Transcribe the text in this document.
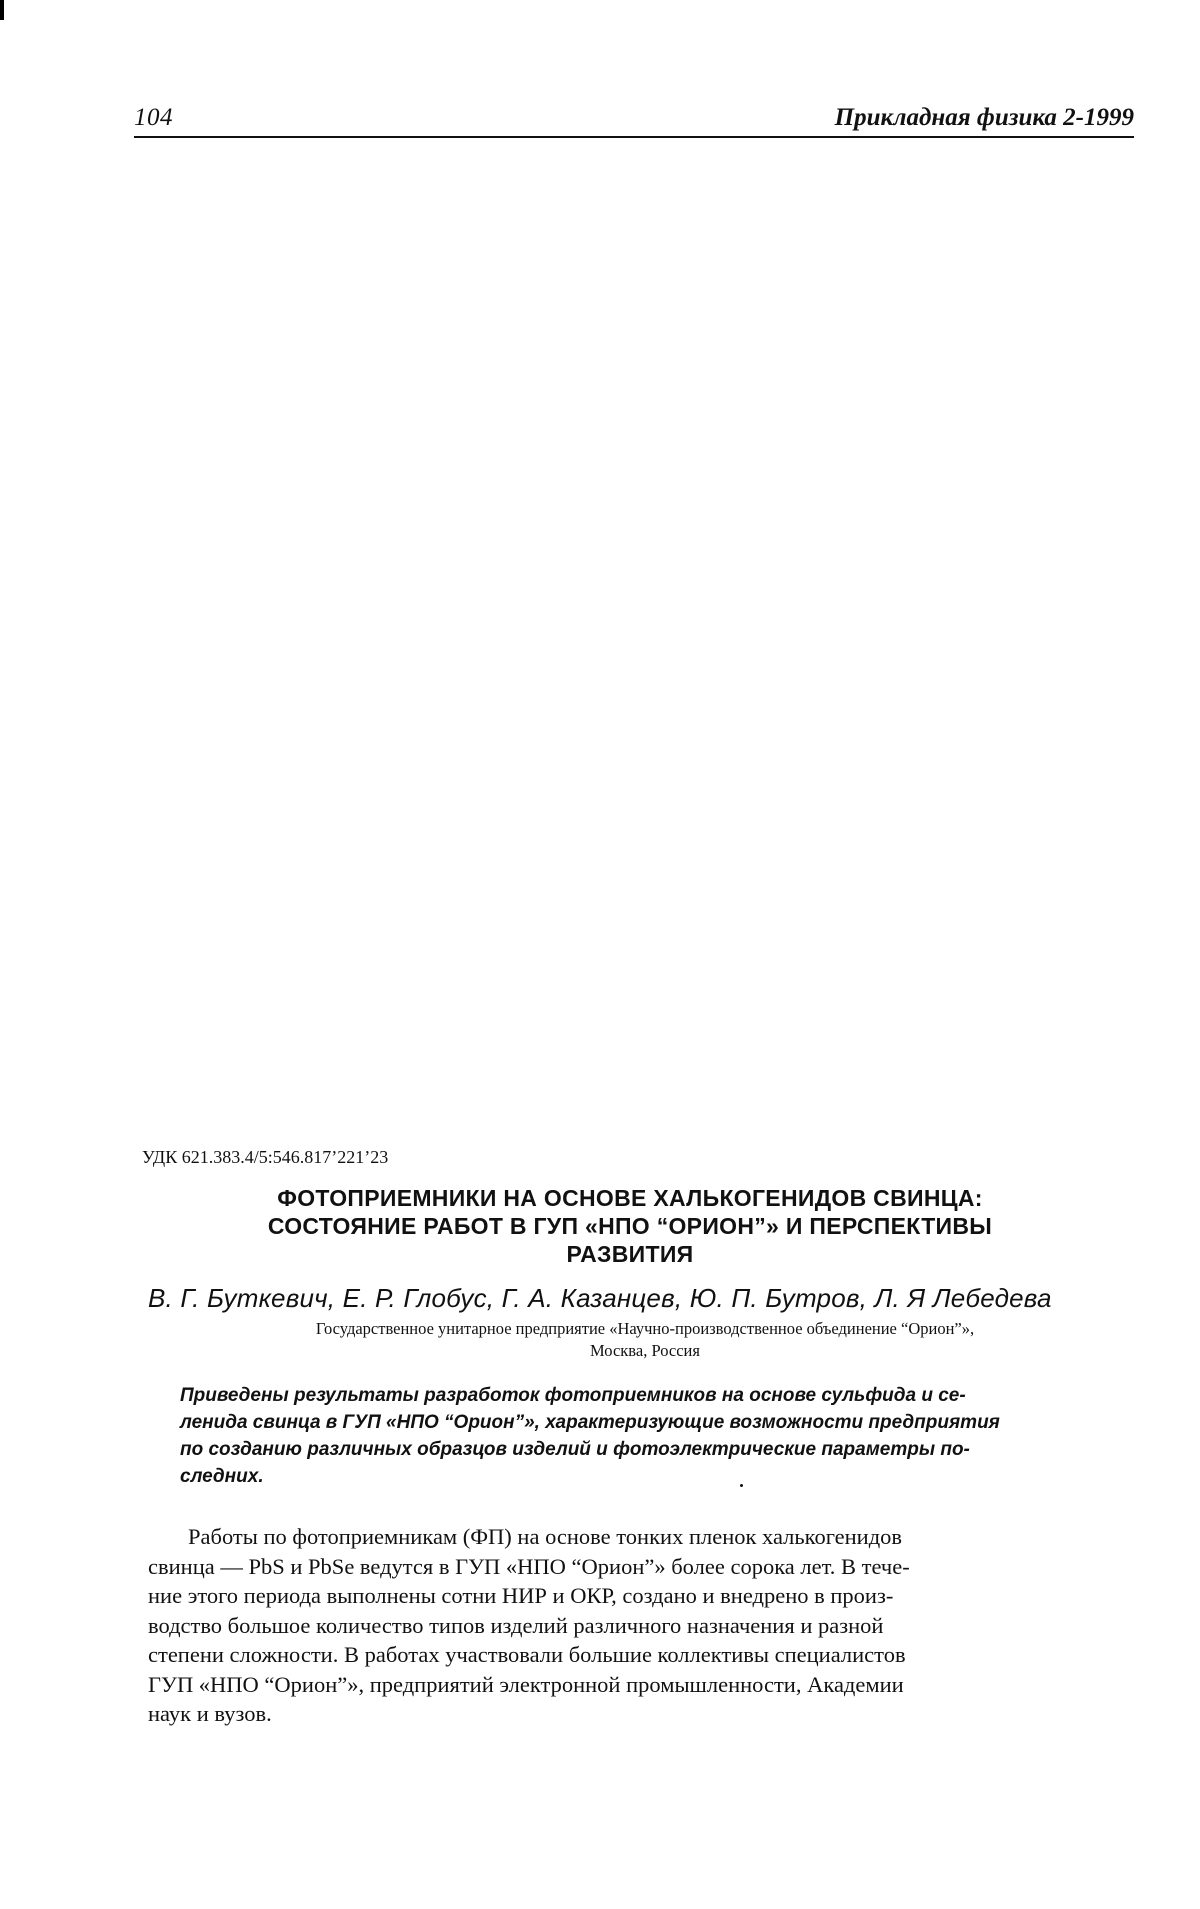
104	Прикладная физика 2-1999
УДК 621.383.4/5:546.817’221’23
ФОТОПРИЕМНИКИ НА ОСНОВЕ ХАЛЬКОГЕНИДОВ СВИНЦА:
СОСТОЯНИЕ РАБОТ В ГУП «НПО “ОРИОН”» И ПЕРСПЕКТИВЫ
РАЗВИТИЯ
В. Г. Буткевич, Е. Р. Глобус, Г. А. Казанцев, Ю. П. Бутров, Л. Я Лебедева
Государственное унитарное предприятие «Научно-производственное объединение “Орион”»,
Москва, Россия
Приведены результаты разработок фотоприемников на основе сульфида и се-
ленида свинца в ГУП «НПО “Орион”», характеризующие возможности предприятия
по созданию различных образцов изделий и фотоэлектрические параметры по-
следних.
Работы по фотоприемникам (ФП) на основе тонких пленок халькогенидов
свинца — PbS и PbSe ведутся в ГУП «НПО “Орион”» более сорока лет. В тече-
ние этого периода выполнены сотни НИР и ОКР, создано и внедрено в произ-
водство большое количество типов изделий различного назначения и разной
степени сложности. В работах участвовали большие коллективы специалистов
ГУП «НПО “Орион”», предприятий электронной промышленности, Академии
наук и вузов.
